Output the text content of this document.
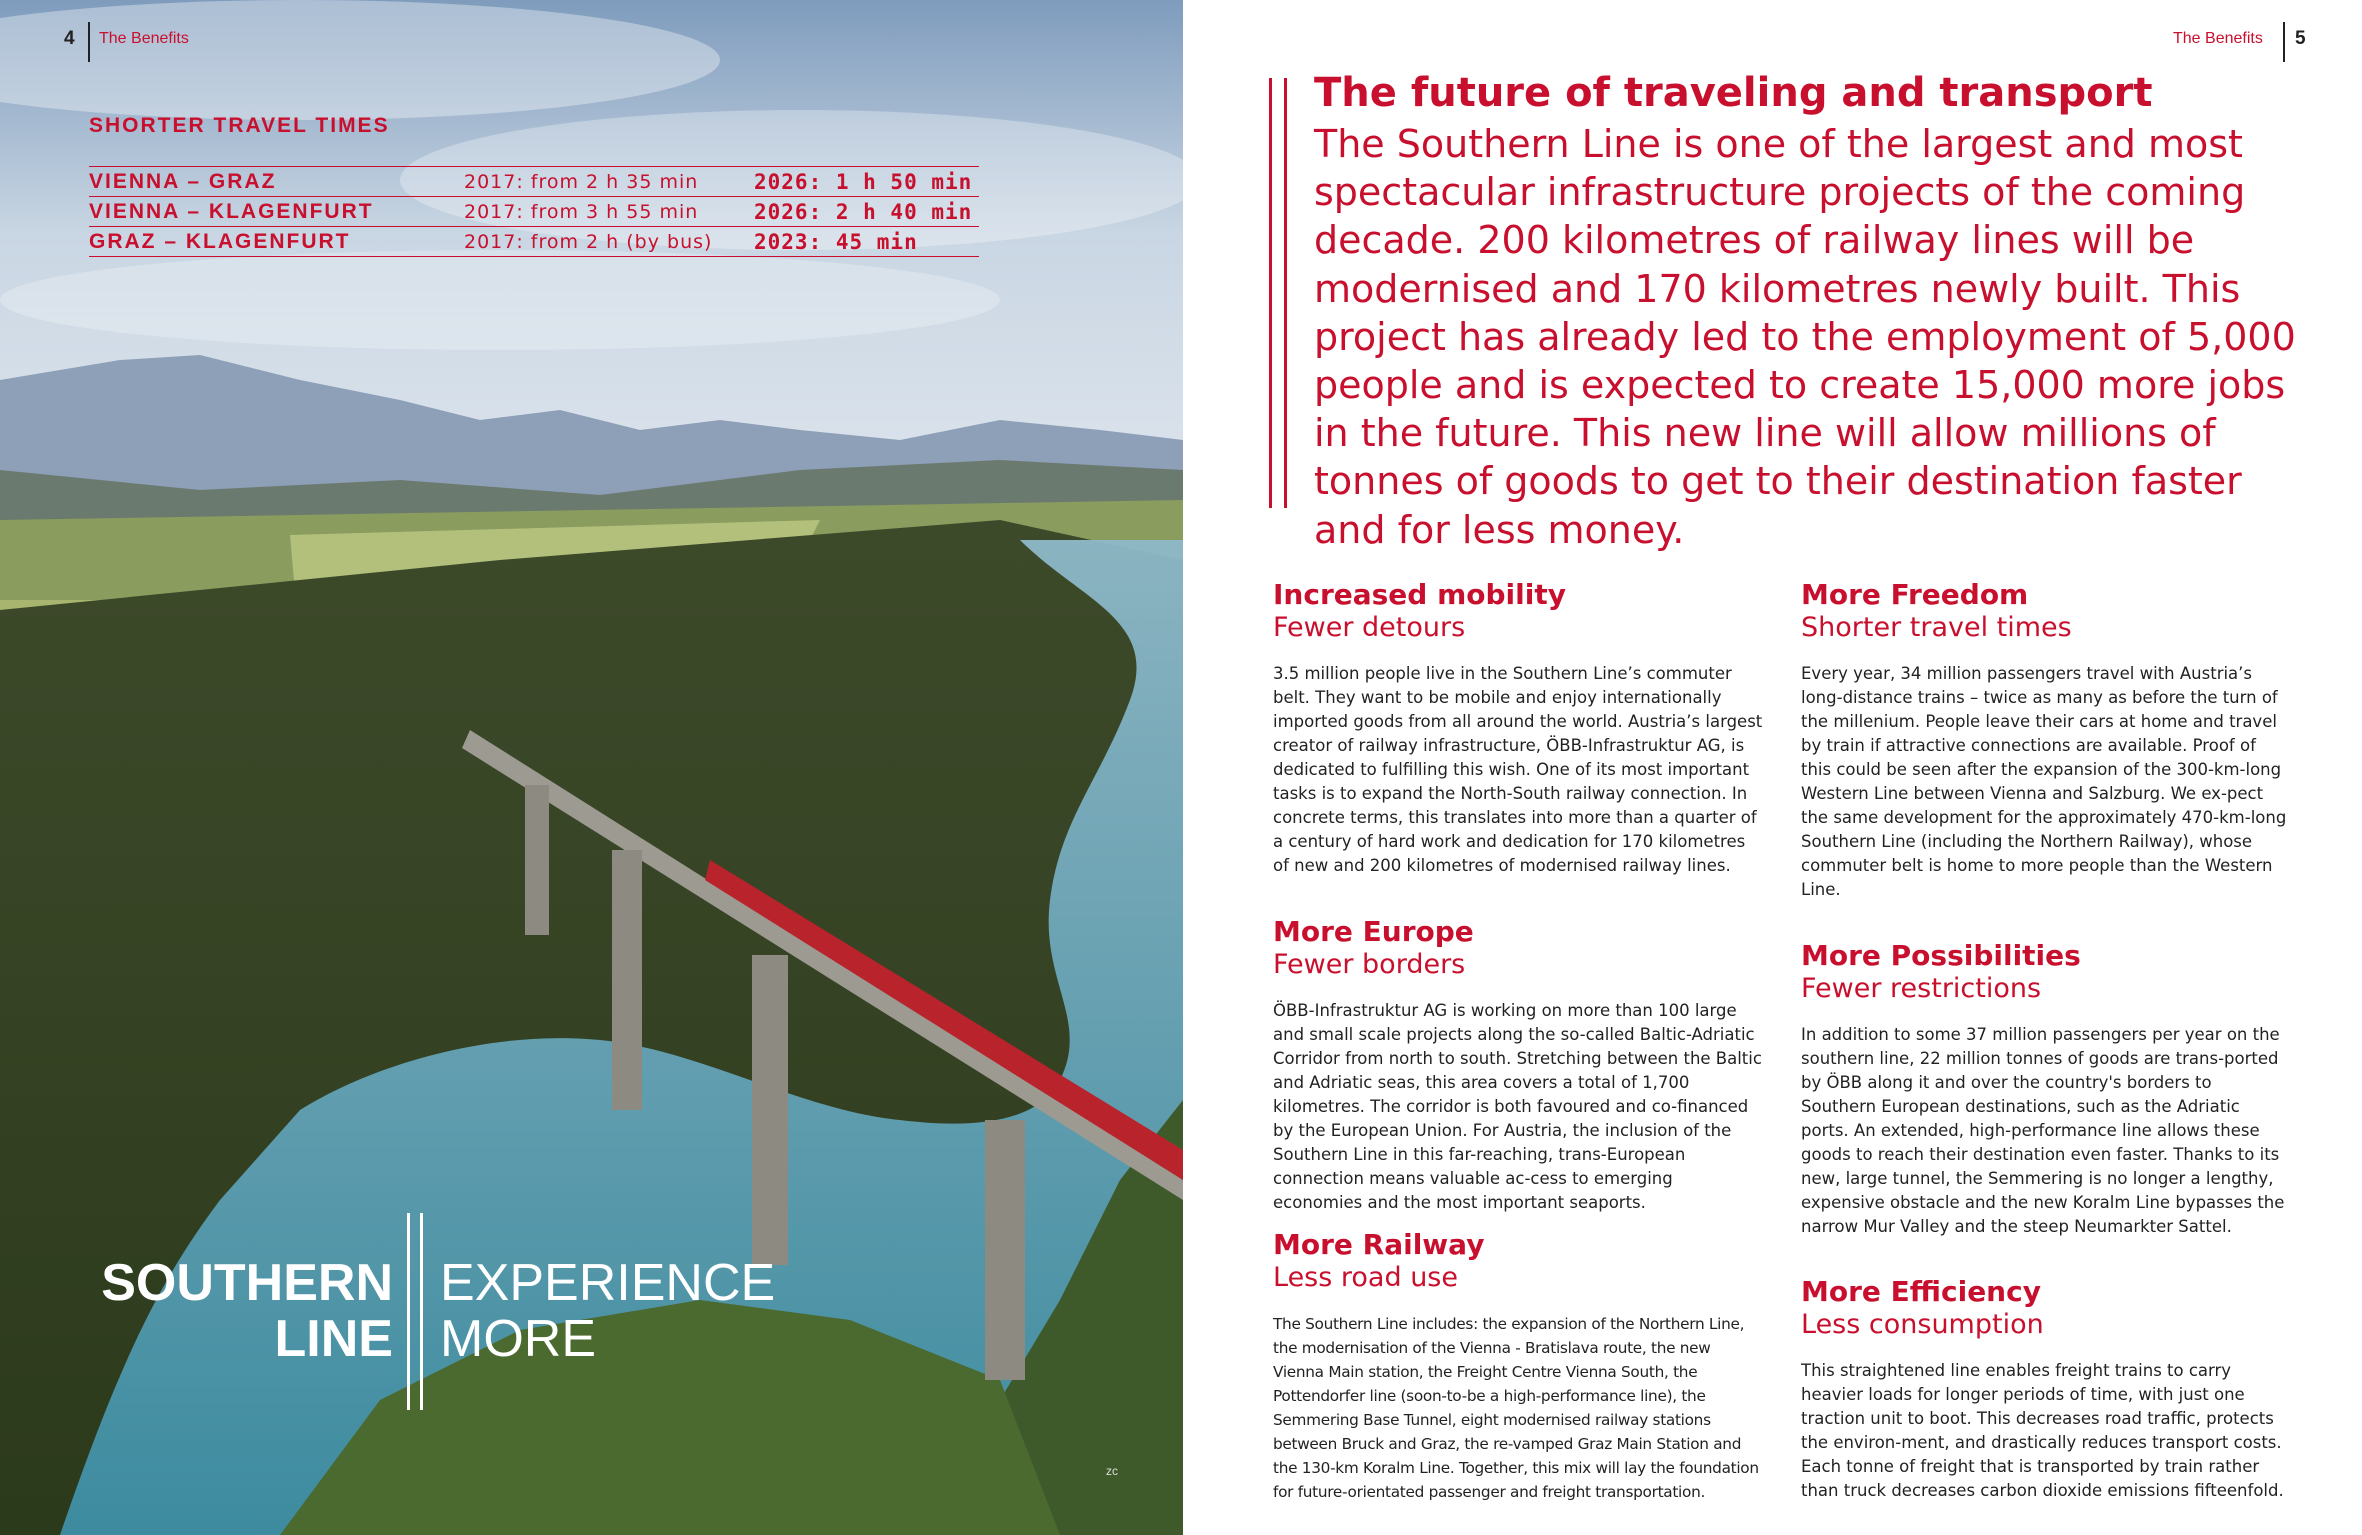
4 The Benefits
SHORTER TRAVEL TIMES
VIENNA – GRAZ	2017: from 2 h 35 min	2026: 1 h 50 min
VIENNA – KLAGENFURT	2017: from 3 h 55 min	2026: 2 h 40 min
GRAZ – KLAGENFURT	2017: from 2 h (by bus)	2023: 45 min
SOUTHERN
LINE
EXPERIENCE
MORE
zc
The Benefits 5
The future of traveling and transport
The Southern Line is one of the largest and most spectacular infrastructure projects of the coming decade. 200 kilometres of railway lines will be modernised and 170 kilometres newly built. This project has already led to the employment of 5,000 people and is expected to create 15,000 more jobs in the future. This new line will allow millions of tonnes of goods to get to their destination faster and for less money.
Increased mobility
Fewer detours

3.5 million people live in the Southern Line’s commuter belt. They want to be mobile and enjoy internationally imported goods from all around the world. Austria’s largest creator of railway infrastructure, ÖBB-Infrastruktur AG, is dedicated to fulfilling this wish. One of its most important tasks is to expand the North-South railway connection. In concrete terms, this translates into more than a quarter of a century of hard work and dedication for 170 kilometres of new and 200 kilometres of modernised railway lines.

More Europe
Fewer borders

ÖBB-Infrastruktur AG is working on more than 100 large and small scale projects along the so-called Baltic-Adriatic Corridor from north to south. Stretching between the Baltic and Adriatic seas, this area covers a total of 1,700 kilometres. The corridor is both favoured and co-financed by the European Union. For Austria, the inclusion of the Southern Line in this far-reaching, trans-European connection means valuable ac-cess to emerging economies and the most important seaports.

More Railway
Less road use

The Southern Line includes: the expansion of the Northern Line, the modernisation of the Vienna - Bratislava route, the new Vienna Main station, the Freight Centre Vienna South, the Pottendorfer line (soon-to-be a high-performance line), the Semmering Base Tunnel, eight modernised railway stations between Bruck and Graz, the re-vamped Graz Main Station and the 130-km Koralm Line. Together, this mix will lay the foundation for future-orientated passenger and freight transportation.

More Freedom
Shorter travel times

Every year, 34 million passengers travel with Austria’s long-distance trains – twice as many as before the turn of the millenium. People leave their cars at home and travel by train if attractive connections are available. Proof of this could be seen after the expansion of the 300-km-long Western Line between Vienna and Salzburg. We ex-pect the same development for the approximately 470-km-long Southern Line (including the Northern Railway), whose commuter belt is home to more people than the Western Line.

More Possibilities
Fewer restrictions

In addition to some 37 million passengers per year on the southern line, 22 million tonnes of goods are trans-ported by ÖBB along it and over the country's borders to Southern European destinations, such as the Adriatic ports. An extended, high-performance line allows these goods to reach their destination even faster. Thanks to its new, large tunnel, the Semmering is no longer a lengthy, expensive obstacle and the new Koralm Line bypasses the narrow Mur Valley and the steep Neumarkter Sattel.

More Efficiency
Less consumption

This straightened line enables freight trains to carry heavier loads for longer periods of time, with just one traction unit to boot. This decreases road traffic, protects the environ-ment, and drastically reduces transport costs. Each tonne of freight that is transported by train rather than truck decreases carbon dioxide emissions fifteenfold.
